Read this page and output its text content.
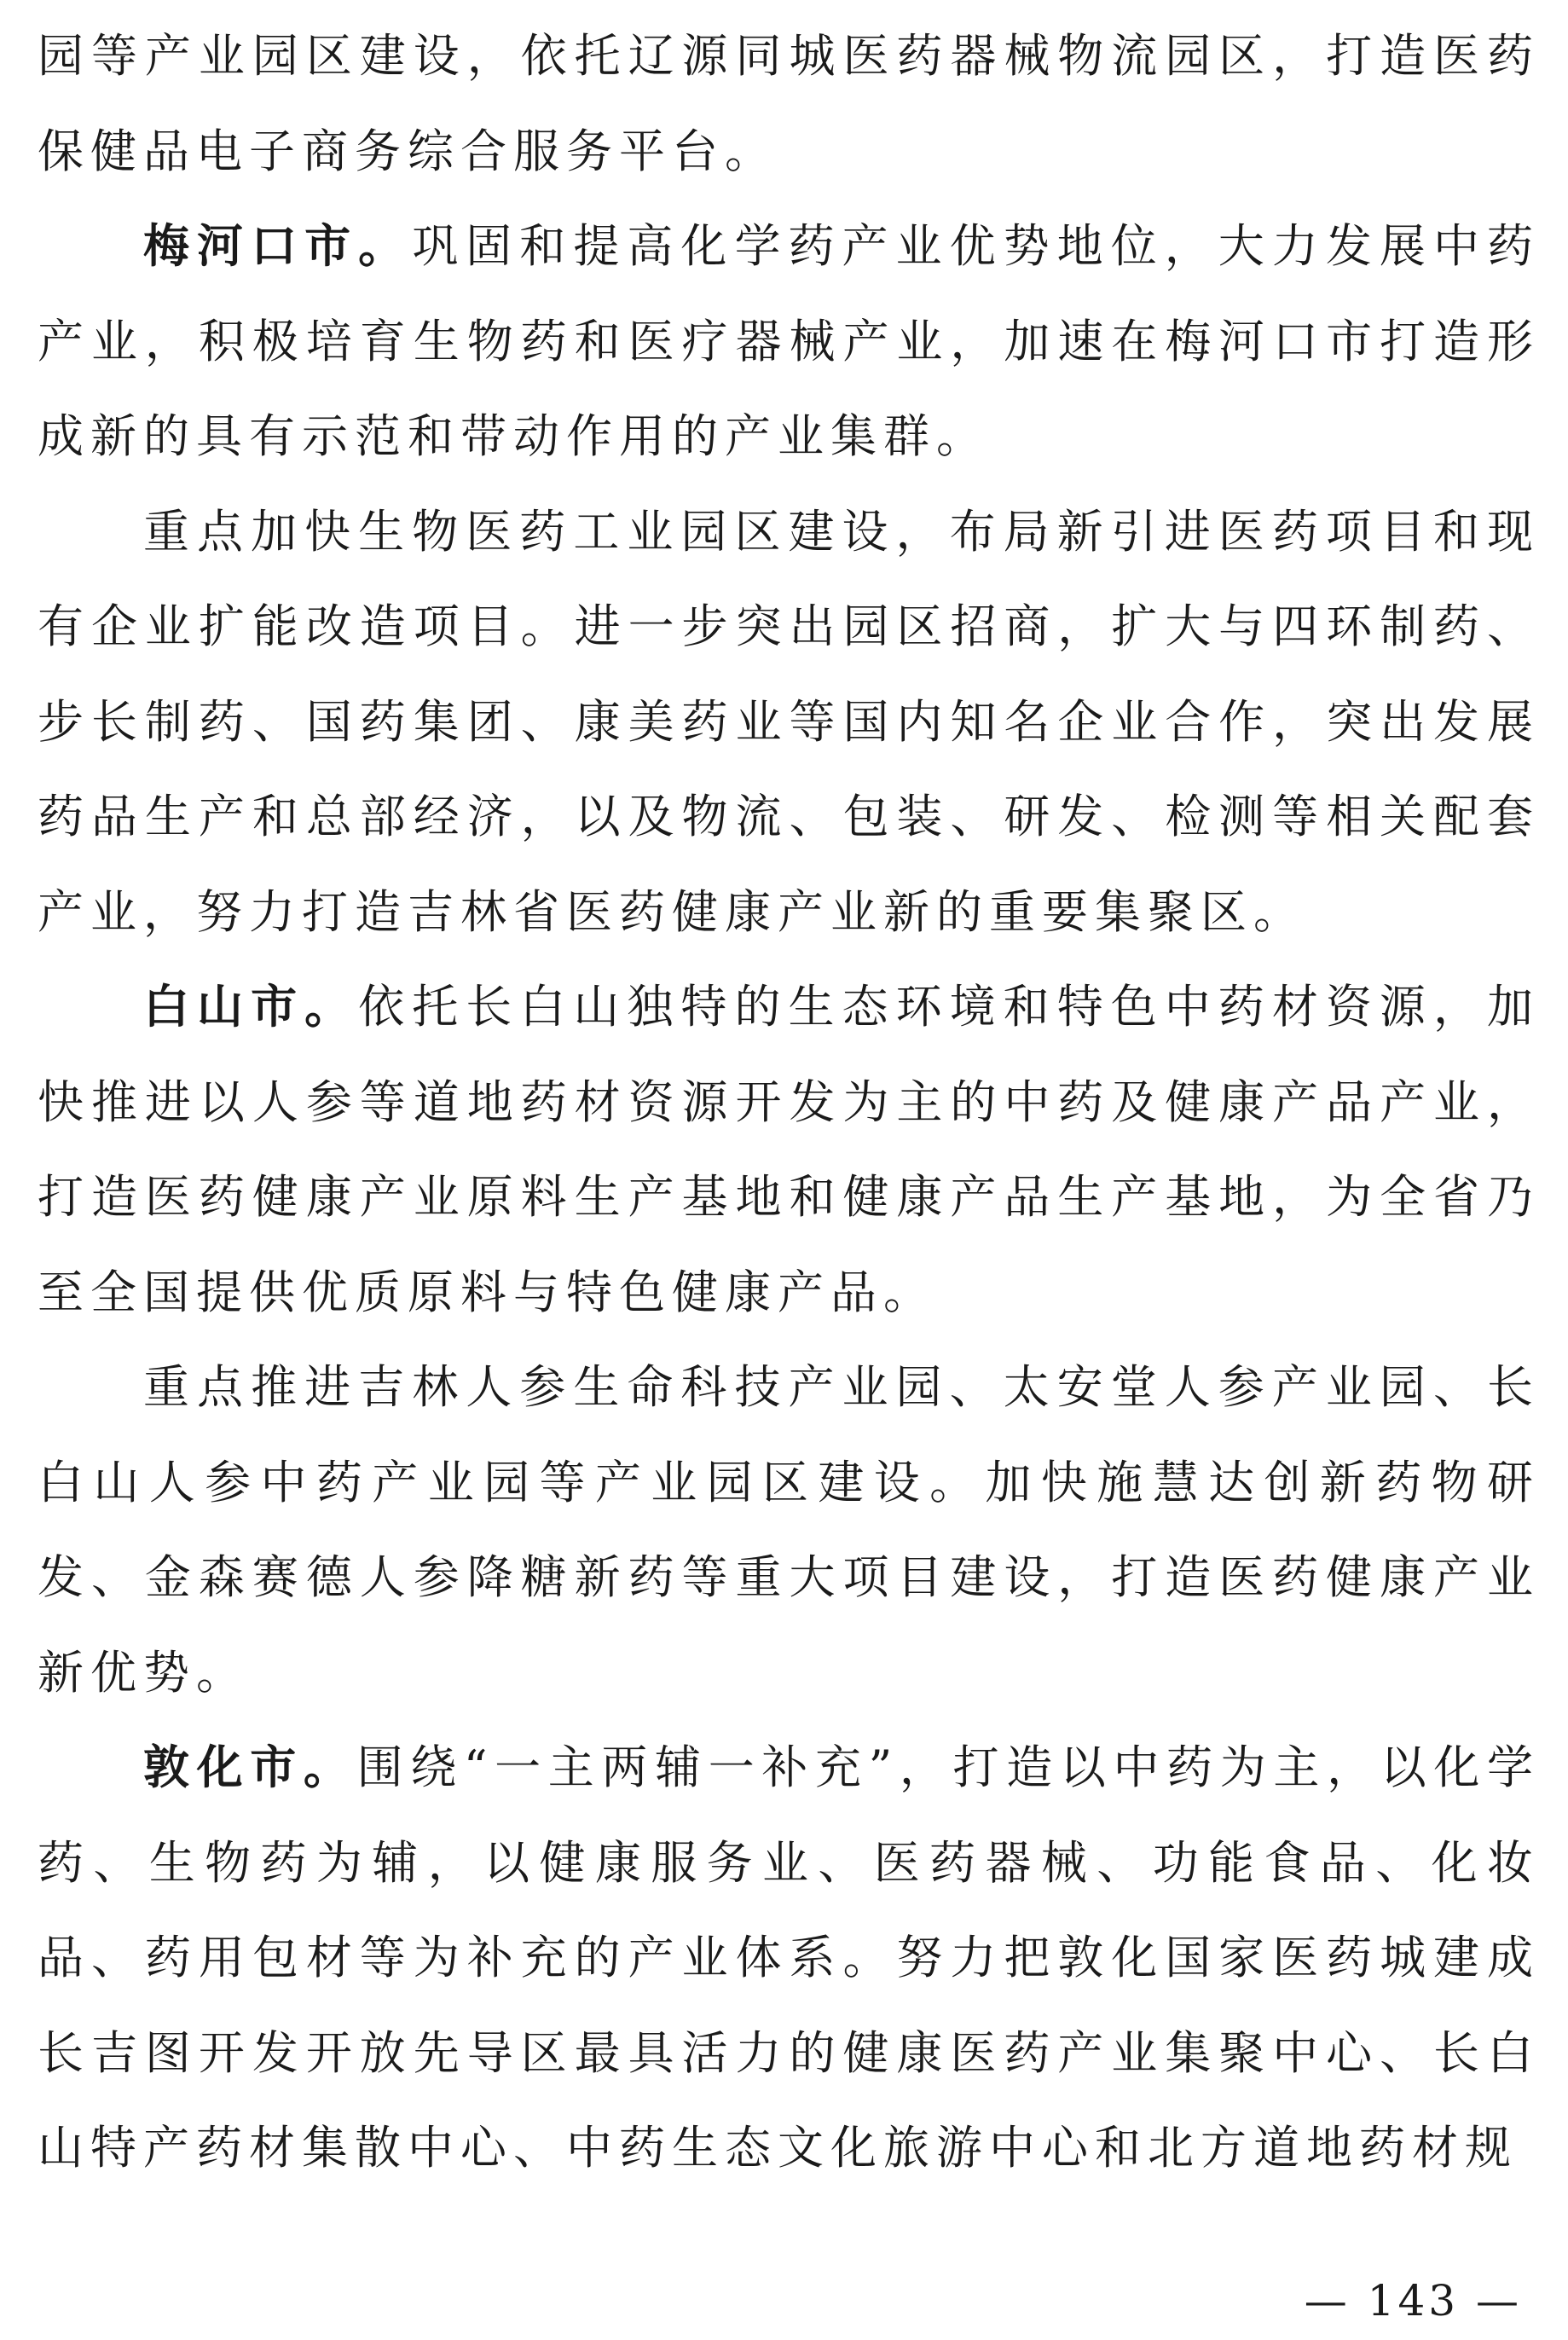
园等产业园区建设，依托辽源同城医药器械物流园区，打造医药保健品电子商务综合服务平台。

梅河口市。巩固和提高化学药产业优势地位，大力发展中药产业，积极培育生物药和医疗器械产业，加速在梅河口市打造形成新的具有示范和带动作用的产业集群。

重点加快生物医药工业园区建设，布局新引进医药项目和现有企业扩能改造项目。进一步突出园区招商，扩大与四环制药、步长制药、国药集团、康美药业等国内知名企业合作，突出发展药品生产和总部经济，以及物流、包装、研发、检测等相关配套产业，努力打造吉林省医药健康产业新的重要集聚区。

白山市。依托长白山独特的生态环境和特色中药材资源，加快推进以人参等道地药材资源开发为主的中药及健康产品产业，打造医药健康产业原料生产基地和健康产品生产基地，为全省乃至全国提供优质原料与特色健康产品。

重点推进吉林人参生命科技产业园、太安堂人参产业园、长白山人参中药产业园等产业园区建设。加快施慧达创新药物研发、金森赛德人参降糖新药等重大项目建设，打造医药健康产业新优势。

敦化市。围绕“一主两辅一补充”，打造以中药为主，以化学药、生物药为辅，以健康服务业、医药器械、功能食品、化妆品、药用包材等为补充的产业体系。努力把敦化国家医药城建成长吉图开发开放先导区最具活力的健康医药产业集聚中心、长白山特产药材集散中心、中药生态文化旅游中心和北方道地药材规

— 143 —
